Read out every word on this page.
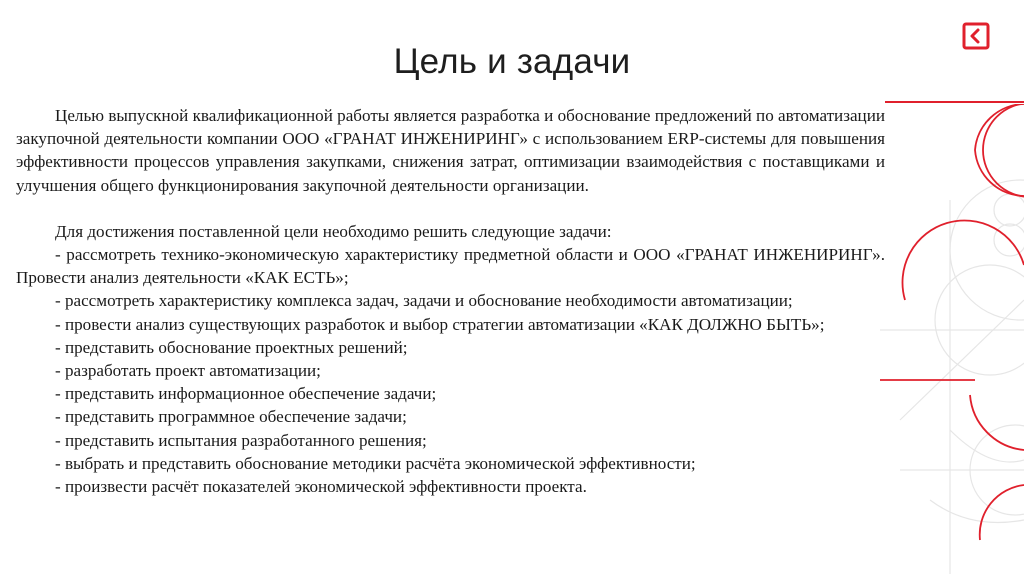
Цель и задачи

Целью выпускной квалификационной работы является разработка и обоснование предложений по автоматизации закупочной деятельности компании ООО «ГРАНАТ ИНЖЕНИРИНГ» с использованием ERP-системы для повышения эффективности процессов управления закупками, снижения затрат, оптимизации взаимодействия с поставщиками и улучшения общего функционирования закупочной деятельности организации.

Для достижения поставленной цели необходимо решить следующие задачи:

- рассмотреть технико-экономическую характеристику предметной области и ООО «ГРАНАТ ИНЖЕНИРИНГ». Провести анализ деятельности «КАК ЕСТЬ»;

- рассмотреть характеристику комплекса задач, задачи и обоснование необходимости автоматизации;

- провести анализ существующих разработок и выбор стратегии автоматизации «КАК ДОЛЖНО БЫТЬ»;

- представить обоснование проектных решений;

- разработать проект автоматизации;

- представить информационное обеспечение задачи;

- представить программное обеспечение задачи;

- представить испытания разработанного решения;

- выбрать и представить обоснование методики расчёта экономической эффективности;

- произвести расчёт показателей экономической эффективности проекта.
